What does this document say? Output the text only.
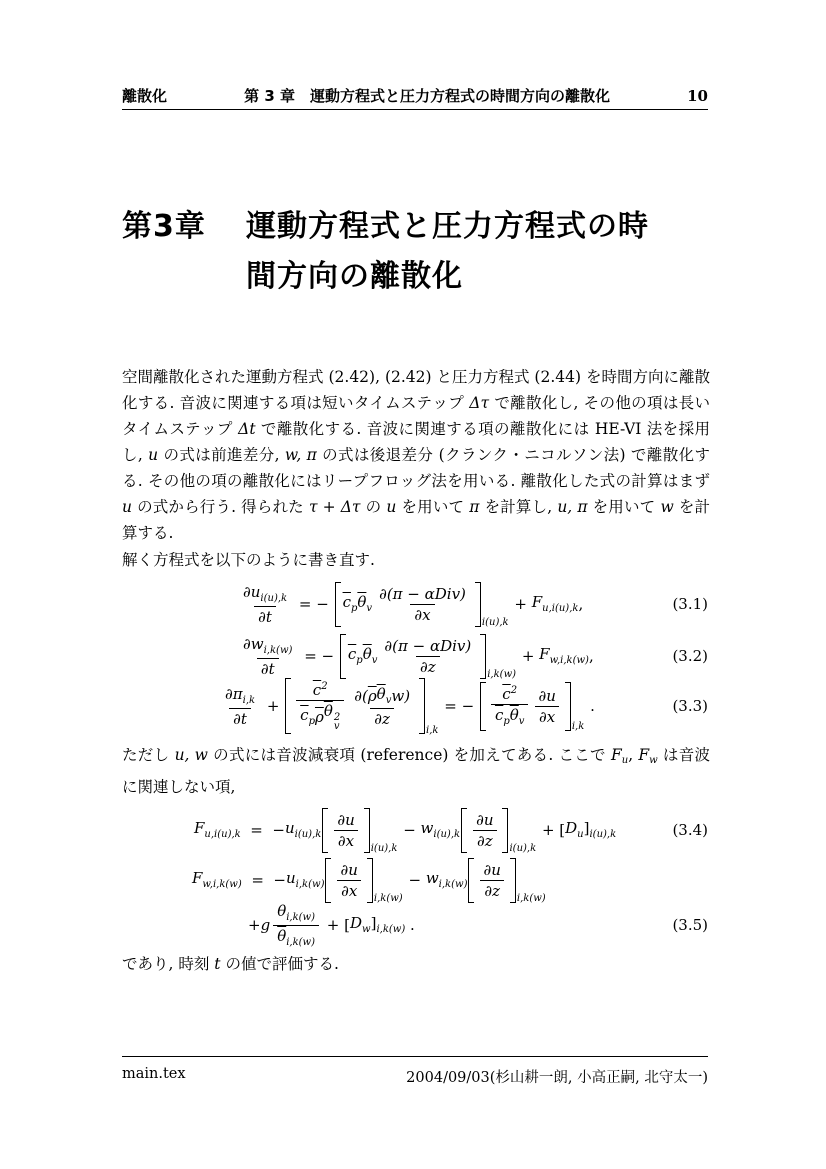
離散化	第 3 章　運動方程式と圧力方程式の時間方向の離散化	10
第3章	運動方程式と圧力方程式の時
間方向の離散化
空間離散化された運動方程式 (2.42), (2.42) と圧力方程式 (2.44) を時間方向に離散化する. 音波に関連する項は短いタイムステップ Δτ で離散化し, その他の項は長いタイムステップ Δt で離散化する. 音波に関連する項の離散化には HE-VI 法を採用し, u の式は前進差分, w, π の式は後退差分 (クランク・ニコルソン法) で離散化する. その他の項の離散化にはリープフロッグ法を用いる. 離散化した式の計算はまず u の式から行う. 得られた τ + Δτ の u を用いて π を計算し, u, π を用いて w を計算する.
解く方程式を以下のように書き直す.
$\frac{\partial u_{i(u),k}}{\partial t}$ = − $\overline{c}_p$ $\overline{\theta}_v \frac{\text{∂(π − αDiv)}}{\partial x} i(u),k$
+ $F_{u,i(u),k}$ ,	(3.1)
$\frac{\partial w_{i,k(w)}}{\partial t}$ = − $\overline{c}_p$ $\overline{\theta}_v \frac{\text{∂(π − αDiv)}}{\partial z} i,k(w)$
+ $F_{w,i,k(w)}$ ,	(3.2)
$\frac{\partial\pi_{i,k}}{\partial t} + \overline{c}^2$
$\overline{c}_p$ $\overline{\rho}$ $\overline{\theta}$ 2
v $\frac{\partial( \overline{\rho} \overline{\theta}_v w )}{\partial z}$
i,k
= − $\frac{\overline{c}^2}{\overline{c}_p \overline{\theta}_v} \frac{\partial u}{\partial x} i,k$
.	(3.3)
ただし u, w の式には音波減衰項 (reference) を加えてある. ここで Fu, Fw は音波に関連しない項,
$F_{u,i(u),k}$ =  − $u_{i(u),k} \frac{\partial u}{\partial x} i(u),k$
− $w_{i(u),k} \frac{\partial u}{\partial z} i(u),k$
+ [ $D_u$ ]$_{i(u),k}$	(3.4)
$F_{w,i,k(w)}$ =  − $u_{i,k(w)} \frac{\partial u}{\partial x} i,k(w)$
− $w_{i,k(w)} \frac{\partial u}{\partial z} i,k(w)$
+ g $\frac{\theta_{i,k(w)}}{\overline{\theta}_{i,k(w)}}$ + [ $D_w$ ]$_{i,k(w)}$ .	(3.5)
であり, 時刻 t の値で評価する.
main.tex	2004/09/03(杉山耕一朗, 小高正嗣, 北守太一)
